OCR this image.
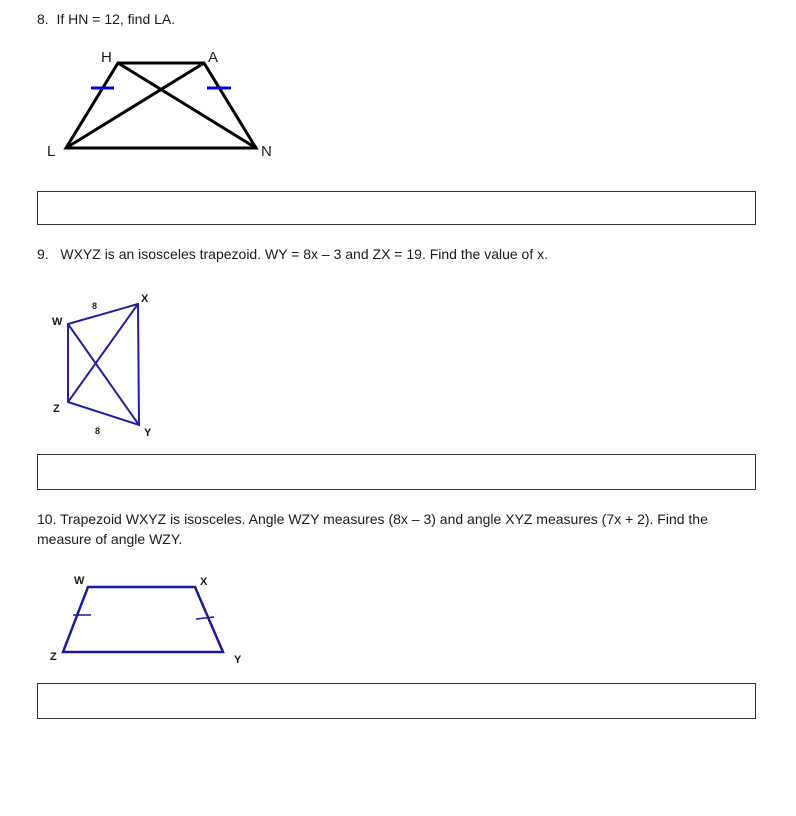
8. If HN = 12, find LA.

H	A
L	N
W
X
Y
Z
8
8
W	X
Y
Z

9. WXYZ is an isosceles trapezoid. WY = 8x – 3 and ZX = 19. Find the value of x.

10. Trapezoid WXYZ is isosceles. Angle WZY measures (8x – 3) and angle XYZ measures (7x + 2). Find the measure of angle WZY.
